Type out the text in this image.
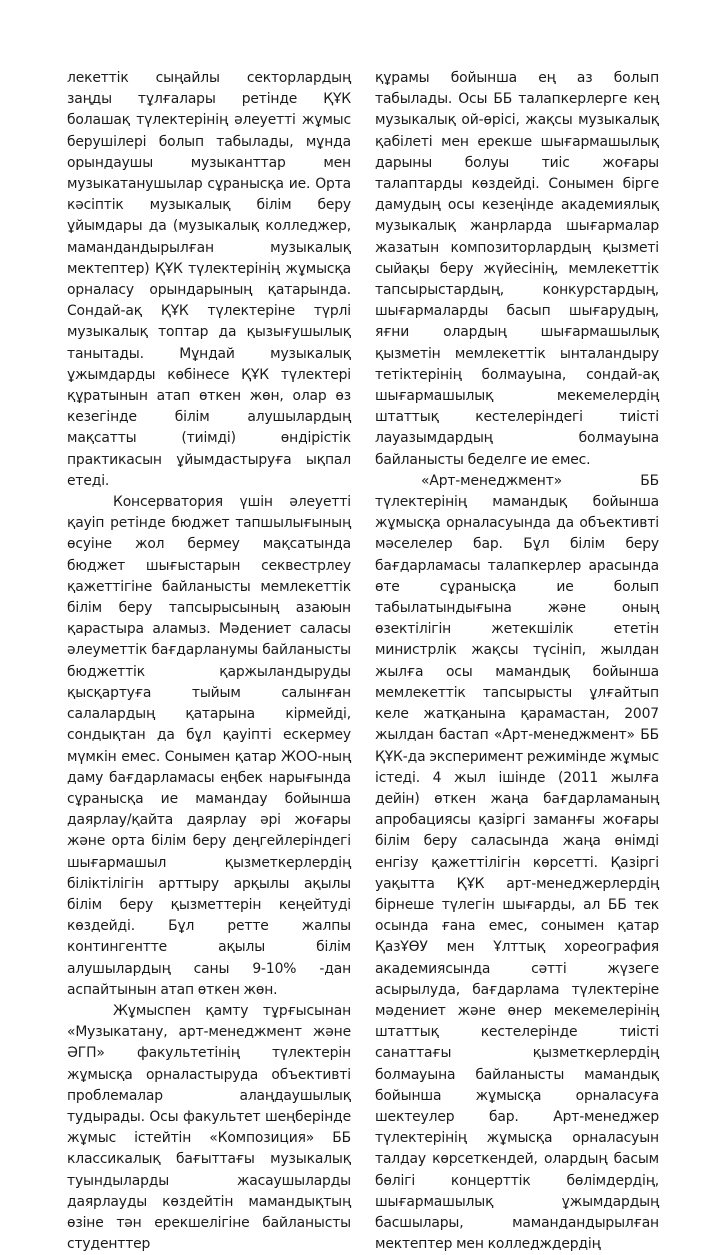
лекеттік сыңайлы секторлардың заңды тұлғалары ретінде ҚҰК болашақ түлектерінің әлеуетті жұмыс берушілері болып табылады, мұнда орындаушы музыканттар мен музыкатанушылар сұранысқа ие. Орта кәсіптік музыкалық білім беру ұйымдары да (музыкалық колледжер, мамандандырылған музыкалық мектептер) ҚҰК түлектерінің жұмысқа орналасу орындарының қатарында. Сондай-ақ ҚҰК түлектеріне түрлі музыкалық топтар да қызығушылық танытады. Мұндай музыкалық ұжымдарды көбінесе ҚҰК түлектері құратынын атап өткен жөн, олар өз кезегінде білім алушылардың мақсатты (тиімді) өндірістік практикасын ұйымдастыруға ықпал етеді.

Консерватория үшін әлеуетті қауіп ретінде бюджет тапшылығының өсуіне жол бермеу мақсатында бюджет шығыстарын секвестрлеу қажеттігіне байланысты мемлекеттік білім беру тапсырысының азаюын қарастыра аламыз. Мәдениет саласы әлеуметтік бағдарланумы байланысты бюджеттік қаржыландыруды қысқартуға тыйым салынған салалардың қатарына кірмейді, сондықтан да бұл қауіпті ескермеу мүмкін емес. Сонымен қатар ЖОО-ның даму бағдарламасы еңбек нарығында сұранысқа ие мамандау бойынша даярлау/қайта даярлау әрі жоғары және орта білім беру деңгейлеріндегі шығармашыл қызметкерлердің біліктілігін арттыру арқылы ақылы білім беру қызметтерін кеңейтуді көздейді. Бұл ретте жалпы контингентте ақылы білім алушылардың саны 9-10% -дан аспайтынын атап өткен жөн.

Жұмыспен қамту тұрғысынан «Музыкатану, арт-менеджмент және ӘГП» факультетінің түлектерін жұмысқа орналастыруда объективті проблемалар алаңдаушылық тудырады. Осы факультет шеңберінде жұмыс істейтін «Композиция» ББ классикалық бағыттағы музыкалық туындыларды жасаушыларды даярлауды көздейтін мамандықтың өзіне тән ерекшелігіне байланысты студенттер

құрамы бойынша ең аз болып табылады. Осы ББ талапкерлерге кең музыкалық ой-өрісі, жақсы музыкалық қабілеті мен ерекше шығармашылық дарыны болуы тиіс жоғары талаптарды көздейді. Сонымен бірге дамудың осы кезеңінде академиялық музыкалық жанрларда шығармалар жазатын композиторлардың қызметі сыйақы беру жүйесінің, мемлекеттік тапсырыстардың, конкурстардың, шығармаларды басып шығарудың, яғни олардың шығармашылық қызметін мемлекеттік ынталандыру тетіктерінің болмауына, сондай-ақ шығармашылық мекемелердің штаттық кестелеріндегі тиісті лауазымдардың болмауына байланысты беделге ие емес.

«Арт-менеджмент» ББ түлектерінің мамандық бойынша жұмысқа орналасуында да объективті мәселелер бар. Бұл білім беру бағдарламасы талапкерлер арасында өте сұранысқа ие болып табылатындығына және оның өзектілігін жетекшілік ететін министрлік жақсы түсініп, жылдан жылға осы мамандық бойынша мемлекеттік тапсырысты ұлғайтып келе жатқанына қарамастан, 2007 жылдан бастап «Арт-менеджмент» ББ ҚҰК-да эксперимент режимінде жұмыс істеді. 4 жыл ішінде (2011 жылға дейін) өткен жаңа бағдарламаның апробациясы қазіргі заманғы жоғары білім беру саласында жаңа өнімді енгізу қажеттілігін көрсетті. Қазіргі уақытта ҚҰК арт-менеджерлердің бірнеше түлегін шығарды, ал ББ тек осында ғана емес, сонымен қатар ҚазҰӨУ мен Ұлттық хореография академиясында сәтті жүзеге асырылуда, бағдарлама түлектеріне мәдениет және өнер мекемелерінің штаттық кестелерінде тиісті санаттағы қызметкерлердің болмауына байланысты мамандық бойынша жұмысқа орналасуға шектеулер бар. Арт-менеджер түлектерінің жұмысқа орналасуын талдау көрсеткендей, олардың басым бөлігі концерттік бөлімдердің, шығармашылық ұжымдардың басшылары, мамандандырылған мектептер мен колледждердің
